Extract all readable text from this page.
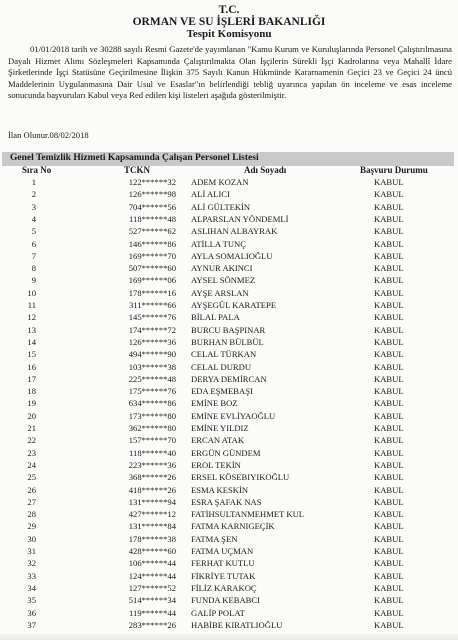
T.C.
ORMAN VE SU İŞLERİ BAKANLIĞI
Tespit Komisyonu
01/01/2018 tarih ve 30288 sayılı Resmi Gazete'de yayımlanan "Kamu Kurum ve Kuruluşlarında Personel Çalıştırılmasına Dayalı Hizmet Alımı Sözleşmeleri Kapsamında Çalıştırılmakta Olan İşçilerin Sürekli İşçi Kadrolarına veya Mahallî İdare Şirketlerinde İşçi Statüsüne Geçirilmesine İlişkin 375 Sayılı Kanun Hükmünde Kararnamenin Geçici 23 ve Geçici 24 üncü Maddelerinin Uygulanmasına Dair Usul ve Esaslar"ın belirlendiği tebliğ uyarınca yapılan ön inceleme ve esas inceleme sonucunda başvuruları Kabul veya Red edilen kişi listeleri aşağıda gösterilmiştir.
İlan Olunur.08/02/2018
Genel Temizlik Hizmeti Kapsamında Çalışan Personel Listesi
Sıra No	TCKN	Adı Soyadı	Başvuru Durumu
1	122******32 ADEM KOZAN	KABUL
2	126******98 ALİ ALICI	KABUL
3	704******56 ALİ GÜLTEKİN	KABUL
4	118******48 ALPARSLAN YÖNDEMLİ	KABUL
5	527******62 ASLIHAN ALBAYRAK	KABUL
6	146******86 ATİLLA TUNÇ	KABUL
7	169******70 AYLA SOMALIOĞLU	KABUL
8	507******60 AYNUR AKINCI	KABUL
9	169******06 AYSEL SÖNMEZ	KABUL
10	178******16 AYŞE ARSLAN	KABUL
11	311******66 AYŞEGÜL KARATEPE	KABUL
12	145******76 BİLAL PALA	KABUL
13	174******72 BURCU BAŞPINAR	KABUL
14	126******36 BURHAN BÜLBÜL	KABUL
15	494******90 CELAL TÜRKAN	KABUL
16	103******38 CELAL DURDU	KABUL
17	225******48 DERYA DEMİRCAN	KABUL
18	175******76 EDA EŞMEBAŞI	KABUL
19	634******86 EMİNE BOZ	KABUL
20	173******80 EMİNE EVLİYAOĞLU	KABUL
21	362******80 EMİNE YILDIZ	KABUL
22	157******70 ERCAN ATAK	KABUL
23	118******40 ERGÜN GÜNDEM	KABUL
24	223******36 EROL TEKİN	KABUL
25	368******26 ERSEL KÖSEBIYIKOĞLU	KABUL
26	418******26 ESMA KESKİN	KABUL
27	131******94 ESRA ŞAFAK NAS	KABUL
28	427******12 FATİHSULTANMEHMET KUL	KABUL
29	131******84 FATMA KARNIGEÇİK	KABUL
30	178******38 FATMA ŞEN	KABUL
31	428******60 FATMA UÇMAN	KABUL
32	106******44 FERHAT KUTLU	KABUL
33	124******44 FİKRİYE TUTAK	KABUL
34	127******52 FİLİZ KARAKOÇ	KABUL
35	514******34 FUNDA KEBABCI	KABUL
36	119******44 GALİP POLAT	KABUL
37	283******26 HABİBE KIRATLIOĞLU	KABUL
